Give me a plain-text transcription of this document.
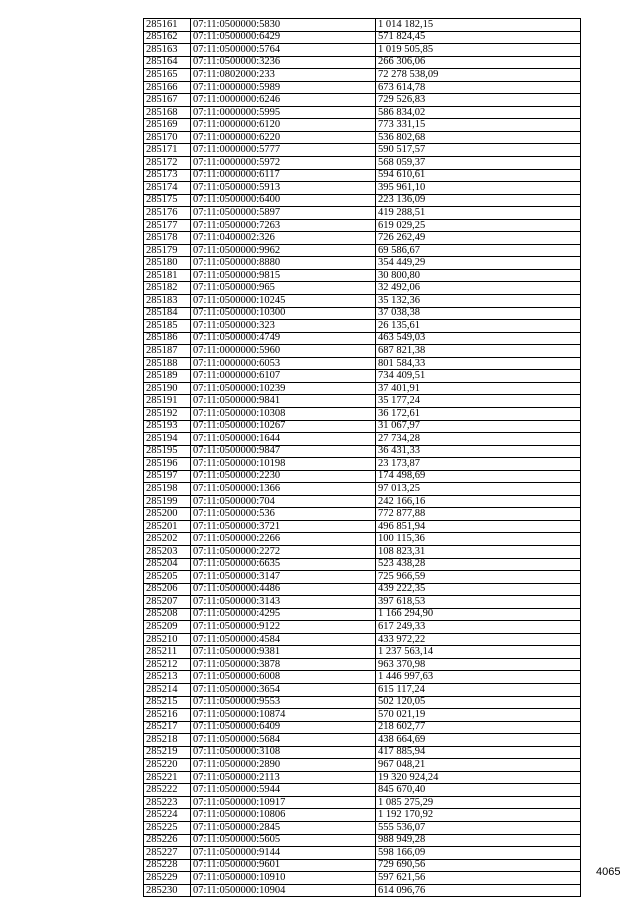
285161	07:11:0500000:5830	1 014 182,15
285162	07:11:0500000:6429	571 824,45
285163	07:11:0500000:5764	1 019 505,85
285164	07:11:0500000:3236	266 306,06
285165	07:11:0802000:233	72 278 538,09
285166	07:11:0000000:5989	673 614,78
285167	07:11:0000000:6246	729 526,83
285168	07:11:0000000:5995	586 834,02
285169	07:11:0000000:6120	773 331,15
285170	07:11:0000000:6220	536 802,68
285171	07:11:0000000:5777	590 517,57
285172	07:11:0000000:5972	568 059,37
285173	07:11:0000000:6117	594 610,61
285174	07:11:0500000:5913	395 961,10
285175	07:11:0500000:6400	223 136,09
285176	07:11:0500000:5897	419 288,51
285177	07:11:0500000:7263	619 029,25
285178	07:11:0400002:326	726 262,49
285179	07:11:0500000:9962	69 586,67
285180	07:11:0500000:8880	354 449,29
285181	07:11:0500000:9815	30 800,80
285182	07:11:0500000:965	32 492,06
285183	07:11:0500000:10245	35 132,36
285184	07:11:0500000:10300	37 038,38
285185	07:11:0500000:323	26 135,61
285186	07:11:0500000:4749	463 549,03
285187	07:11:0000000:5960	687 821,38
285188	07:11:0000000:6053	801 584,33
285189	07:11:0000000:6107	734 409,51
285190	07:11:0500000:10239	37 401,91
285191	07:11:0500000:9841	35 177,24
285192	07:11:0500000:10308	36 172,61
285193	07:11:0500000:10267	31 067,97
285194	07:11:0500000:1644	27 734,28
285195	07:11:0500000:9847	36 431,33
285196	07:11:0500000:10198	23 173,87
285197	07:11:0500000:2230	174 498,69
285198	07:11:0500000:1366	97 013,25
285199	07:11:0500000:704	242 166,16
285200	07:11:0500000:536	772 877,88
285201	07:11:0500000:3721	496 851,94
285202	07:11:0500000:2266	100 115,36
285203	07:11:0500000:2272	108 823,31
285204	07:11:0500000:6635	523 438,28
285205	07:11:0500000:3147	725 966,59
285206	07:11:0500000:4486	439 222,35
285207	07:11:0500000:3143	397 618,53
285208	07:11:0500000:4295	1 166 294,90
285209	07:11:0500000:9122	617 249,33
285210	07:11:0500000:4584	433 972,22
285211	07:11:0500000:9381	1 237 563,14
285212	07:11:0500000:3878	963 370,98
285213	07:11:0500000:6008	1 446 997,63
285214	07:11:0500000:3654	615 117,24
285215	07:11:0500000:9553	502 120,05
285216	07:11:0500000:10874	570 021,19
285217	07:11:0500000:6409	218 602,77
285218	07:11:0500000:5684	438 664,69
285219	07:11:0500000:3108	417 885,94
285220	07:11:0500000:2890	967 048,21
285221	07:11:0500000:2113	19 320 924,24
285222	07:11:0500000:5944	845 670,40
285223	07:11:0500000:10917	1 085 275,29
285224	07:11:0500000:10806	1 192 170,92
285225	07:11:0500000:2845	555 536,07
285226	07:11:0500000:5605	988 949,28
285227	07:11:0500000:9144	598 166,09
285228	07:11:0500000:9601	729 690,56
285229	07:11:0500000:10910	597 621,56
285230	07:11:0500000:10904	614 096,76
4065
